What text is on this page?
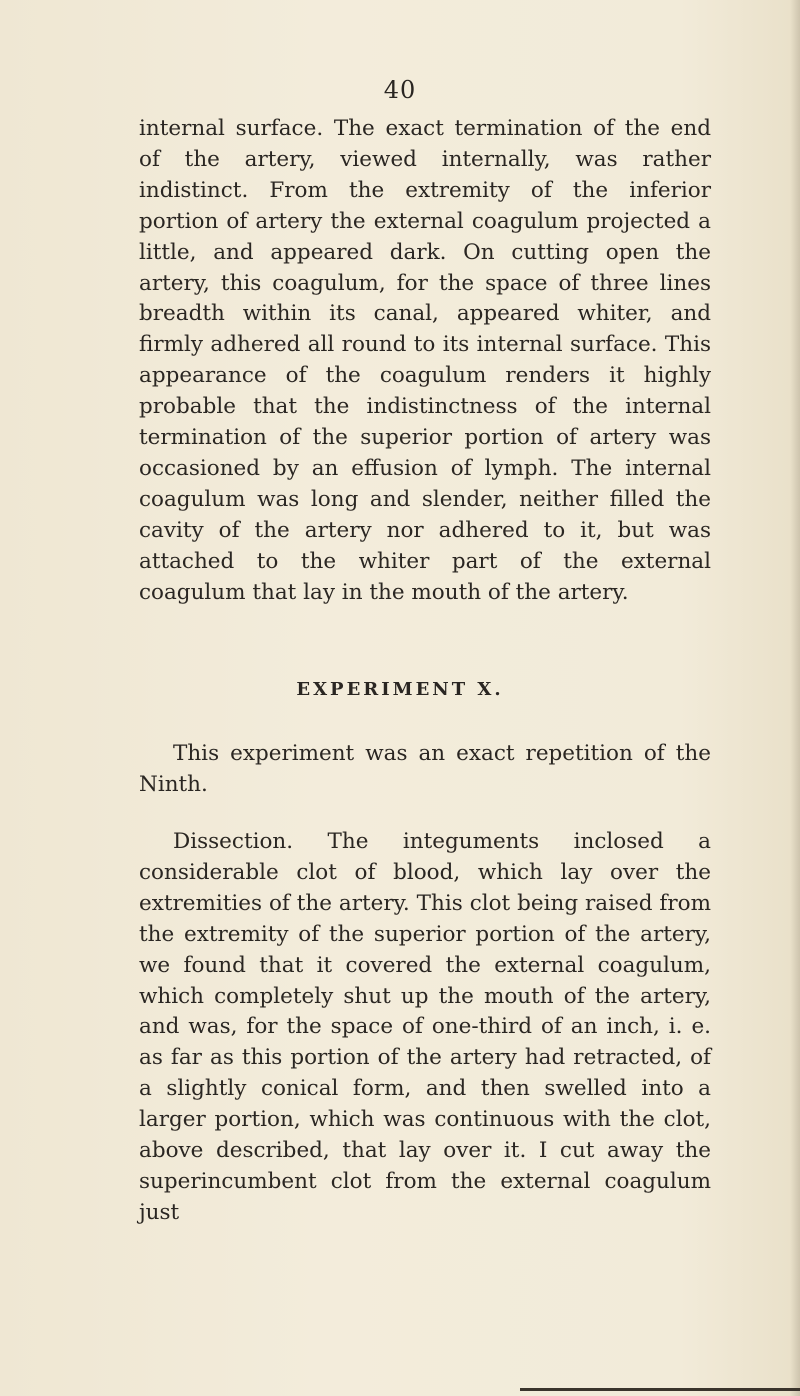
40

internal surface. The exact termination of the end of the artery, viewed internally, was rather indistinct. From the extremity of the inferior portion of artery the external coagulum projected a little, and appeared dark. On cutting open the artery, this coagulum, for the space of three lines breadth within its canal, appeared whiter, and firmly adhered all round to its internal surface. This appearance of the coagulum renders it highly probable that the indistinctness of the internal termination of the superior portion of artery was occasioned by an effusion of lymph. The internal coagulum was long and slender, neither filled the cavity of the artery nor adhered to it, but was attached to the whiter part of the external coagulum that lay in the mouth of the artery.

EXPERIMENT X.

This experiment was an exact repetition of the Ninth.

Dissection. The integuments inclosed a considerable clot of blood, which lay over the extremities of the artery. This clot being raised from the extremity of the superior portion of the artery, we found that it covered the external coagulum, which completely shut up the mouth of the artery, and was, for the space of one-third of an inch, i. e. as far as this portion of the artery had retracted, of a slightly conical form, and then swelled into a larger portion, which was continuous with the clot, above described, that lay over it. I cut away the superincumbent clot from the external coagulum just
